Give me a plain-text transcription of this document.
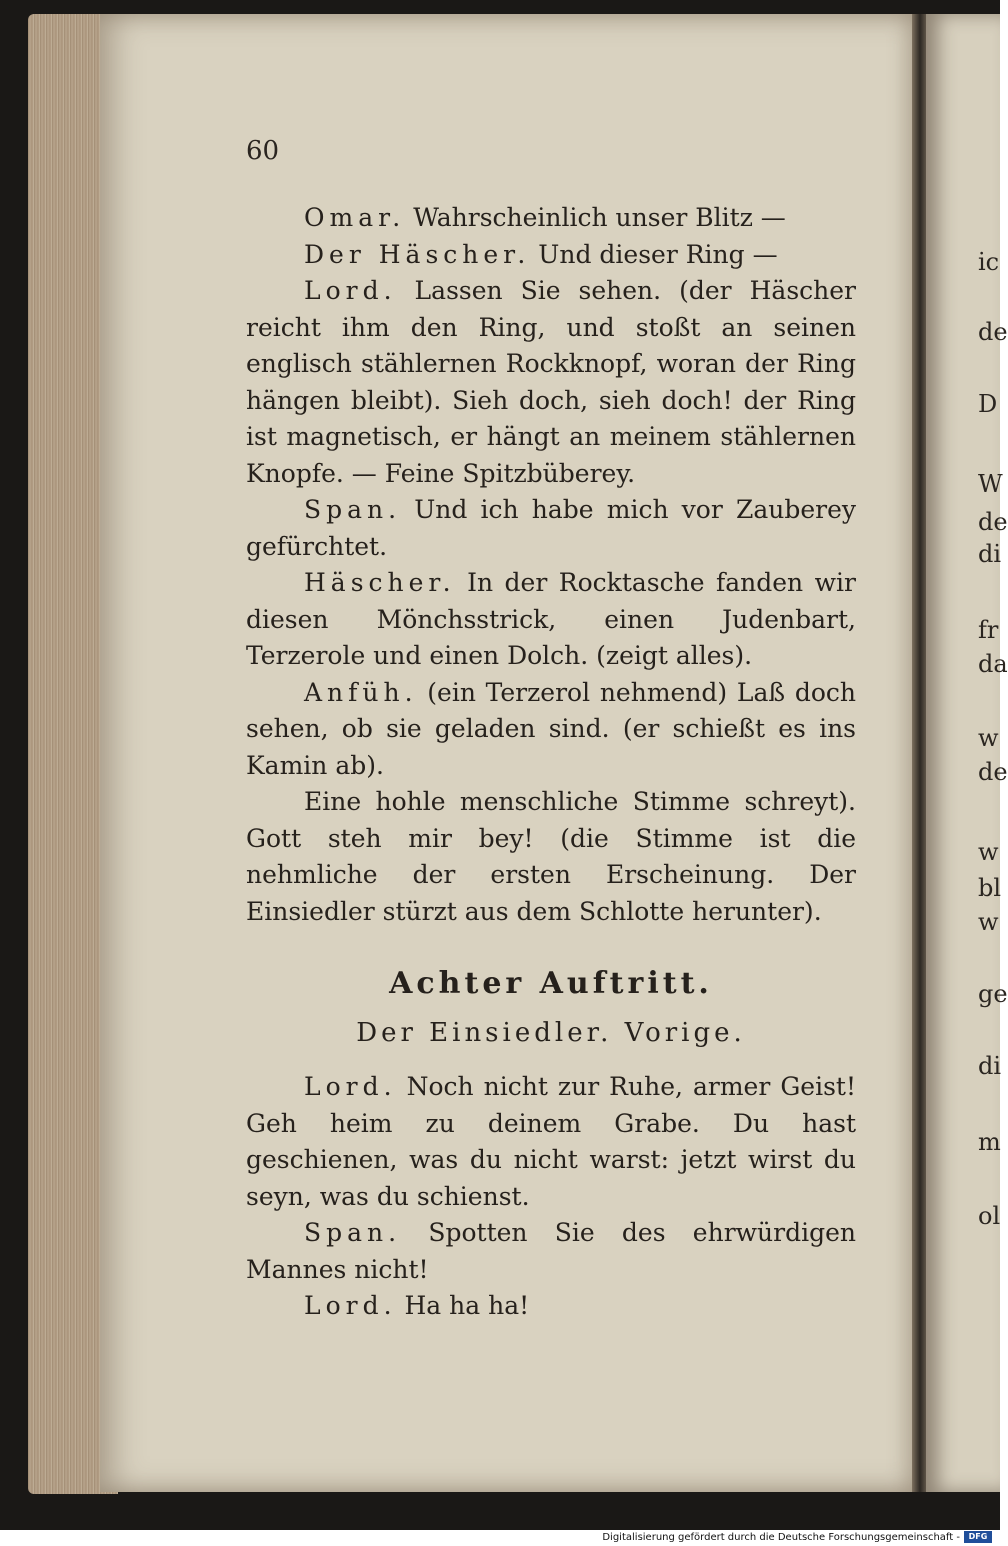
ic
de
D
W
de
di
fr
da
w
de
w
bl
w
ge
di
m
ol
60

Omar. Wahrscheinlich unser Blitz —

Der Häscher. Und dieser Ring —

Lord. Lassen Sie sehen. (der Häscher reicht ihm den Ring, und stoßt an seinen englisch stählernen Rockknopf, woran der Ring hängen bleibt). Sieh doch, sieh doch! der Ring ist magnetisch, er hängt an meinem stählernen Knopfe. — Feine Spitzbüberey.

Span. Und ich habe mich vor Zauberey gefürchtet.

Häscher. In der Rocktasche fanden wir diesen Mönchsstrick, einen Judenbart, Terzerole und einen Dolch. (zeigt alles).

Anfüh. (ein Terzerol nehmend) Laß doch sehen, ob sie geladen sind. (er schießt es ins Kamin ab).

Eine hohle menschliche Stimme schreyt). Gott steh mir bey! (die Stimme ist die nehmliche der ersten Erscheinung. Der Einsiedler stürzt aus dem Schlotte herunter).

Achter Auftritt.
Der Einsiedler. Vorige.

Lord. Noch nicht zur Ruhe, armer Geist! Geh heim zu deinem Grabe. Du hast geschienen, was du nicht warst: jetzt wirst du seyn, was du schienst.

Span. Spotten Sie des ehrwürdigen Mannes nicht!

Lord. Ha ha ha!

Digitalisierung gefördert durch die Deutsche Forschungsgemeinschaft -	DFG
